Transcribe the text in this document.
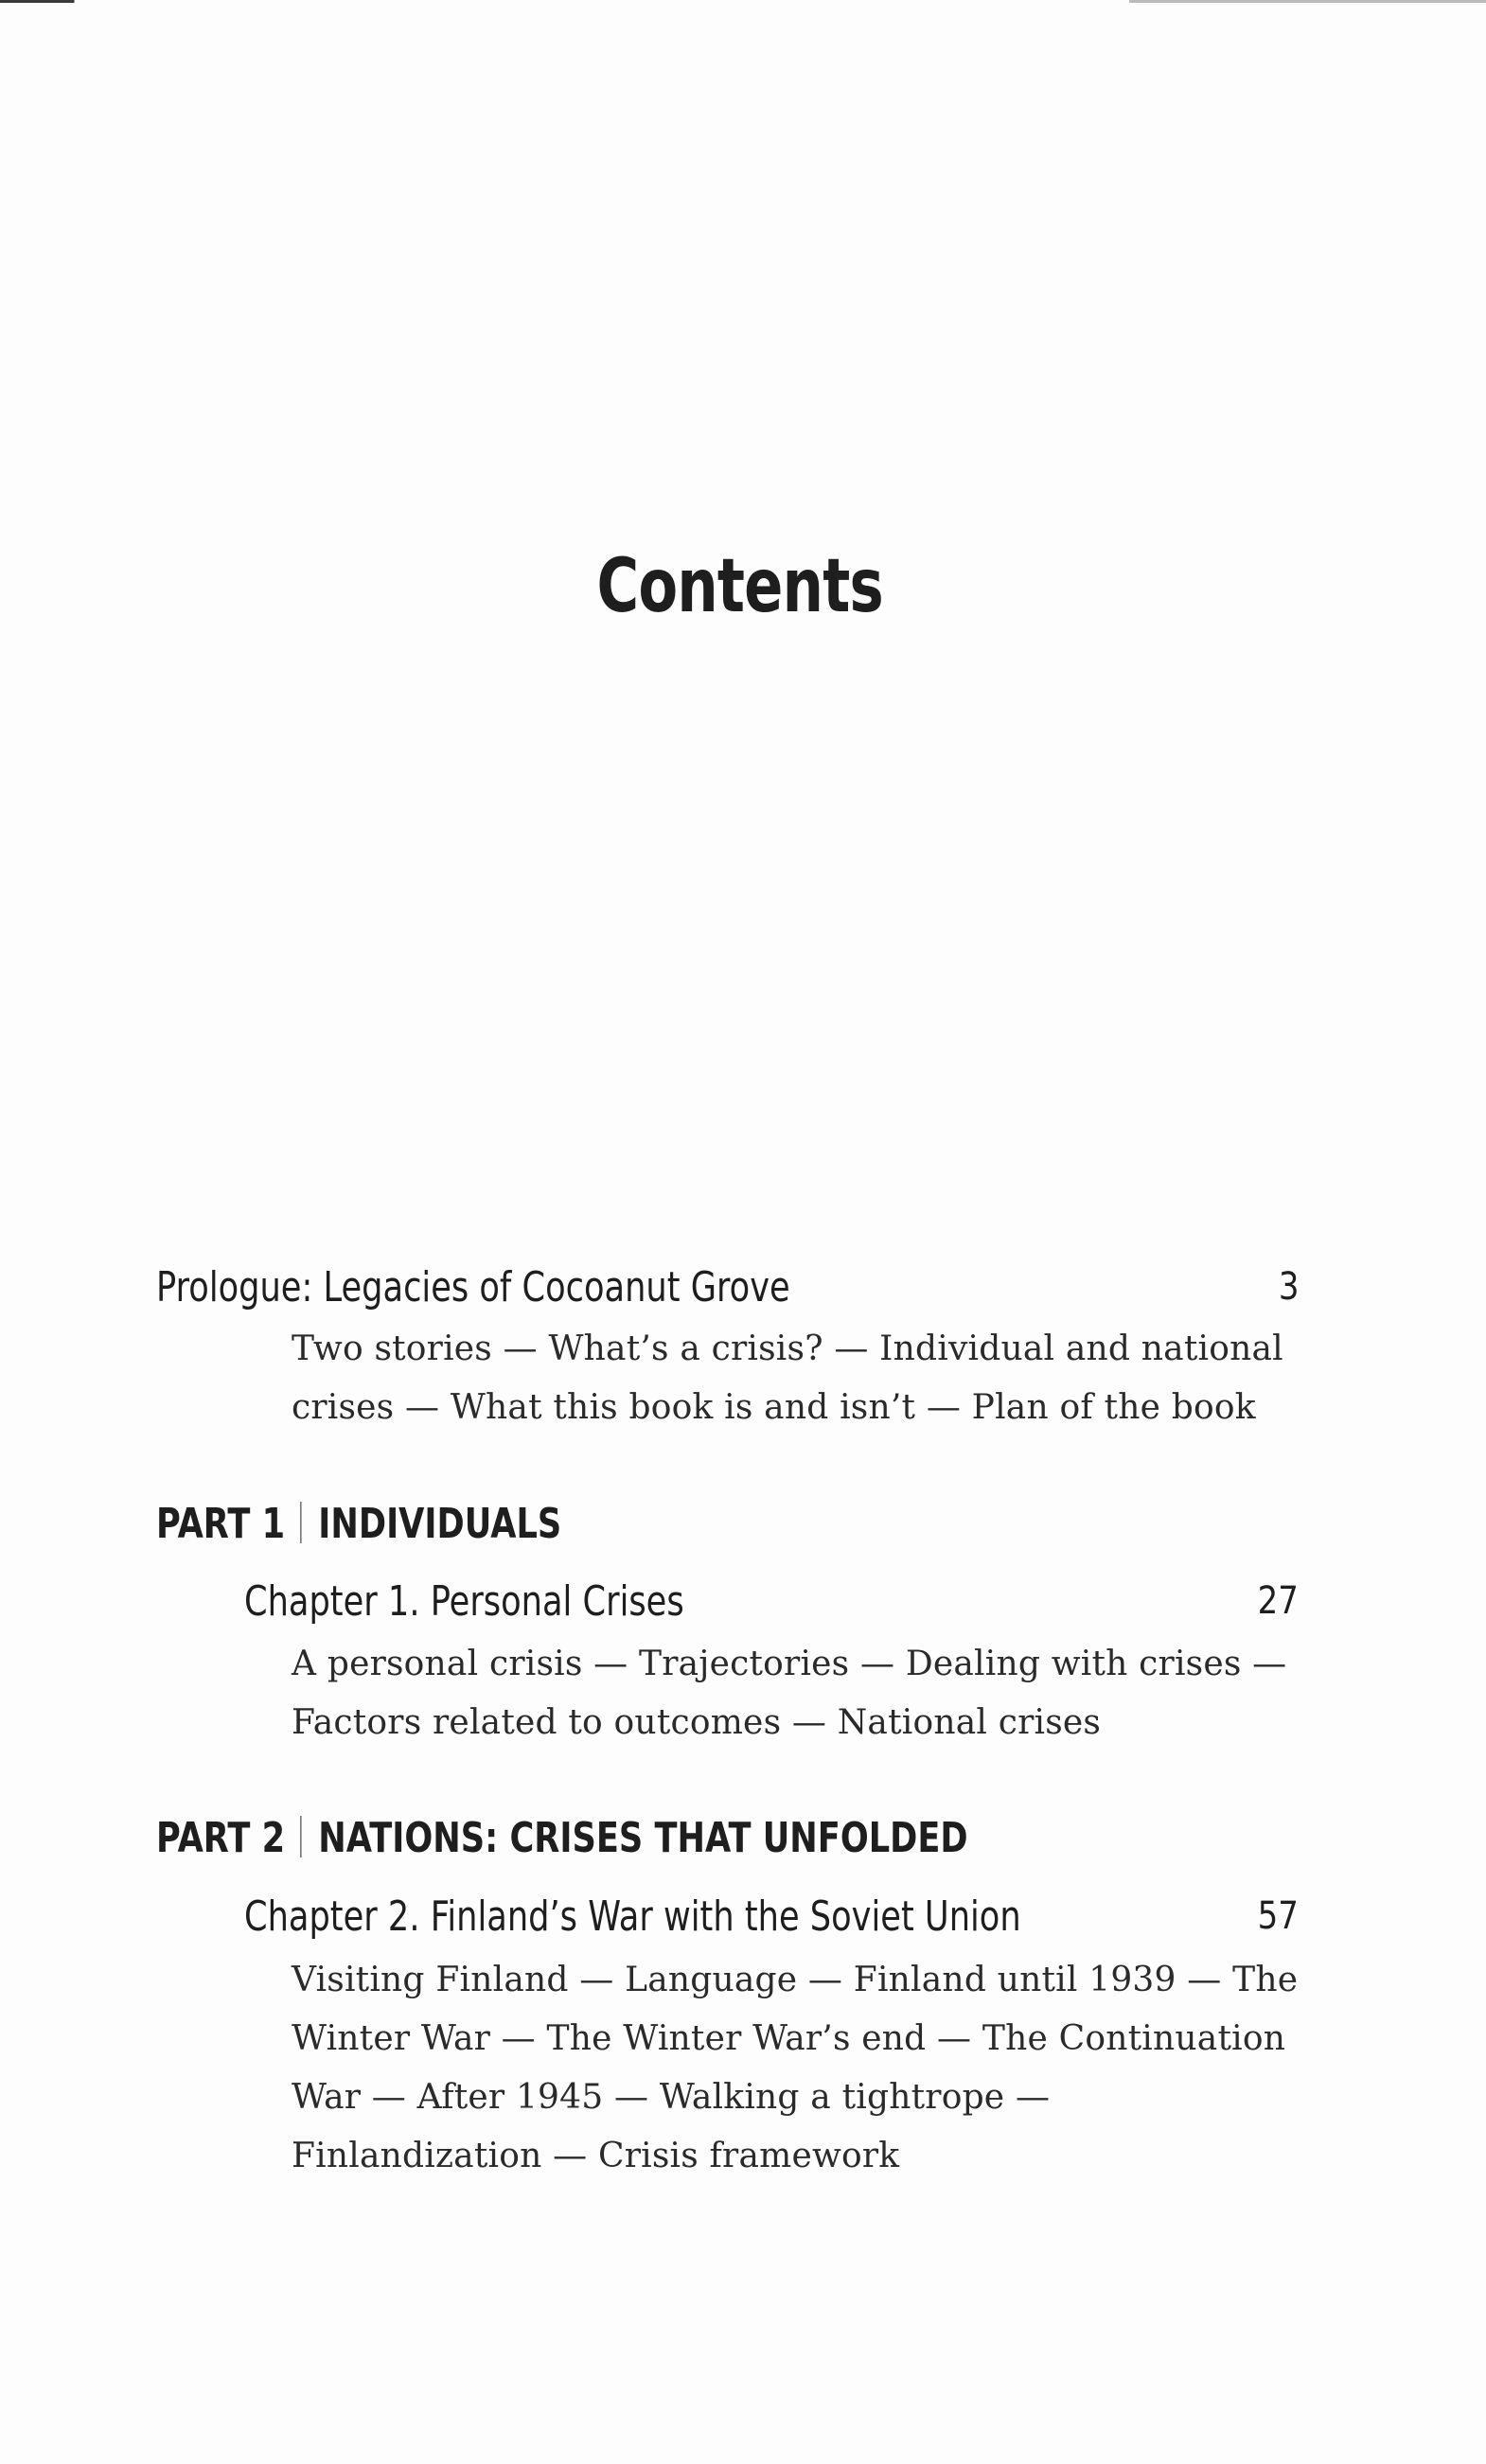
Contents
Prologue: Legacies of Cocoanut Grove	3
Two stories — What’s a crisis? — Individual and national
crises — What this book is and isn’t — Plan of the book
PART 1 INDIVIDUALS
Chapter 1. Personal Crises	27
A personal crisis — Trajectories — Dealing with crises —
Factors related to outcomes — National crises
PART 2 NATIONS: CRISES THAT UNFOLDED
Chapter 2. Finland’s War with the Soviet Union	57
Visiting Finland — Language — Finland until 1939 — The
Winter War — The Winter War’s end — The Continuation
War — After 1945 — Walking a tightrope —
Finlandization — Crisis framework
